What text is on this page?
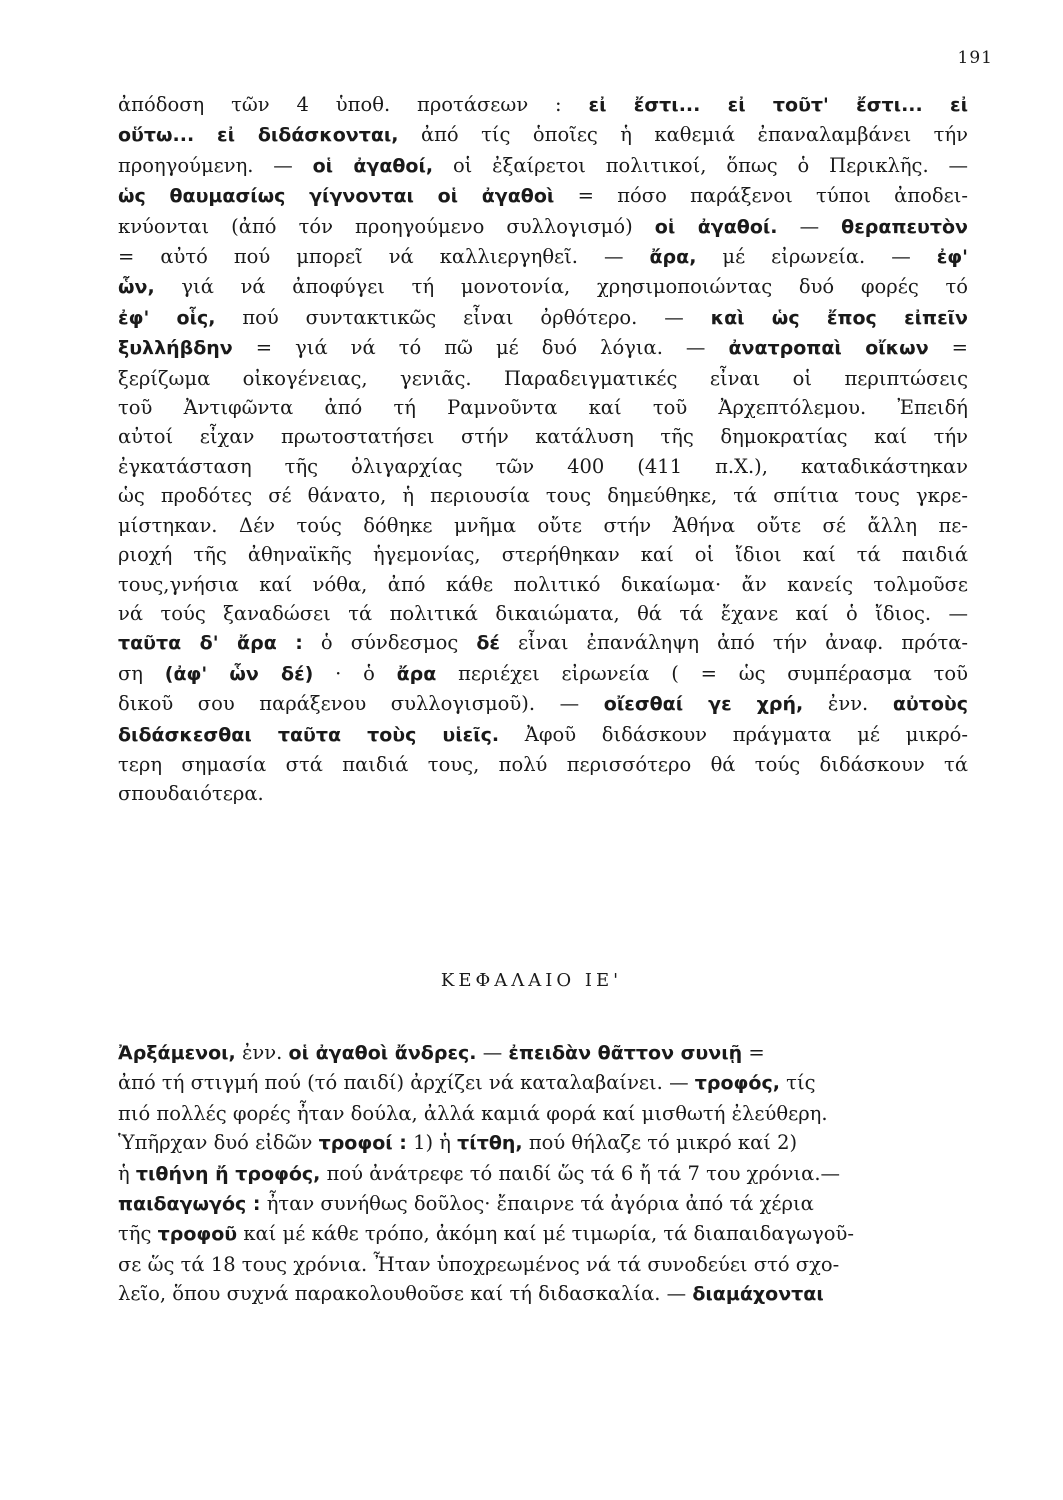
191
ἀπόδοση τῶν 4 ὑποθ. προτάσεων : εἰ ἔστι... εἰ τοῦτ' ἔστι... εἰ
οὕτω... εἰ διδάσκονται, ἀπό τίς ὁποῖες ἡ καθεμιά ἐπαναλαμβάνει τήν
προηγούμενη. — οἱ ἀγαθοί, οἱ ἐξαίρετοι πολιτικοί, ὅπως ὁ Περικλῆς. —
ὡς θαυμασίως γίγνονται οἱ ἀγαθοὶ = πόσο παράξενοι τύποι ἀποδει-
κνύονται (ἀπό τόν προηγούμενο συλλογισμό) οἱ ἀγαθοί. — θεραπευτὸν
= αὐτό πού μπορεῖ νά καλλιεργηθεῖ. — ἄρα, μέ εἰρωνεία. — ἐφ'
ὧν, γιά νά ἀποφύγει τή μονοτονία, χρησιμοποιώντας δυό φορές τό
ἐφ' οἷς, πού συντακτικῶς εἶναι ὀρθότερο. — καὶ ὡς ἔπος εἰπεῖν
ξυλλήβδην = γιά νά τό πῶ μέ δυό λόγια. — ἀνατροπαὶ οἴκων =
ξερίζωμα οἰκογένειας, γενιᾶς. Παραδειγματικές εἶναι οἱ περιπτώσεις
τοῦ Ἀντιφῶντα ἀπό τή Ραμνοῦντα καί τοῦ Ἀρχεπτόλεμου. Ἐπειδή
αὐτοί εἶχαν πρωτοστατήσει στήν κατάλυση τῆς δημοκρατίας καί τήν
ἐγκατάσταση τῆς ὀλιγαρχίας τῶν 400 (411 π.Χ.), καταδικάστηκαν
ὡς προδότες σέ θάνατο, ἡ περιουσία τους δημεύθηκε, τά σπίτια τους γκρε-
μίστηκαν. Δέν τούς δόθηκε μνῆμα οὔτε στήν Ἀθήνα οὔτε σέ ἄλλη πε-
ριοχή τῆς ἀθηναϊκῆς ἡγεμονίας, στερήθηκαν καί οἱ ἴδιοι καί τά παιδιά
τους,γνήσια καί νόθα, ἀπό κάθε πολιτικό δικαίωμα· ἄν κανείς τολμοῦσε
νά τούς ξαναδώσει τά πολιτικά δικαιώματα, θά τά ἔχανε καί ὁ ἴδιος. —
ταῦτα δ' ἄρα : ὁ σύνδεσμος δέ εἶναι ἐπανάληψη ἀπό τήν ἀναφ. πρότα-
ση (ἀφ' ὧν δέ) · ὁ ἄρα περιέχει εἰρωνεία ( = ὡς συμπέρασμα τοῦ
δικοῦ σου παράξενου συλλογισμοῦ). — οἴεσθαί γε χρή, ἐνν. αὐτοὺς
διδάσκεσθαι ταῦτα τοὺς υἱεῖς. Ἀφοῦ διδάσκουν πράγματα μέ μικρό-
τερη σημασία στά παιδιά τους, πολύ περισσότερο θά τούς διδάσκουν τά
σπουδαιότερα.
ΚΕΦΑΛΑΙΟ ΙΕ'
Ἀρξάμενοι, ἐνν. οἱ ἀγαθοὶ ἄνδρες. — ἐπειδὰν θᾶττον συνιῇ =
ἀπό τή στιγμή πού (τό παιδί) ἀρχίζει νά καταλαβαίνει. — τροφός, τίς
πιό πολλές φορές ἦταν δούλα, ἀλλά καμιά φορά καί μισθωτή ἐλεύθερη.
Ὑπῆρχαν δυό εἰδῶν τροφοί : 1) ἡ τίτθη, πού θήλαζε τό μικρό καί 2)
ἡ τιθήνη ἤ τροφός, πού ἀνάτρεφε τό παιδί ὥς τά 6 ἤ τά 7 του χρόνια.—
παιδαγωγός : ἦταν συνήθως δοῦλος· ἔπαιρνε τά ἀγόρια ἀπό τά χέρια
τῆς τροφοῦ καί μέ κάθε τρόπο, ἀκόμη καί μέ τιμωρία, τά διαπαιδαγωγοῦ-
σε ὥς τά 18 τους χρόνια. Ἦταν ὑποχρεωμένος νά τά συνοδεύει στό σχο-
λεῖο, ὅπου συχνά παρακολουθοῦσε καί τή διδασκαλία. — διαμάχονται
